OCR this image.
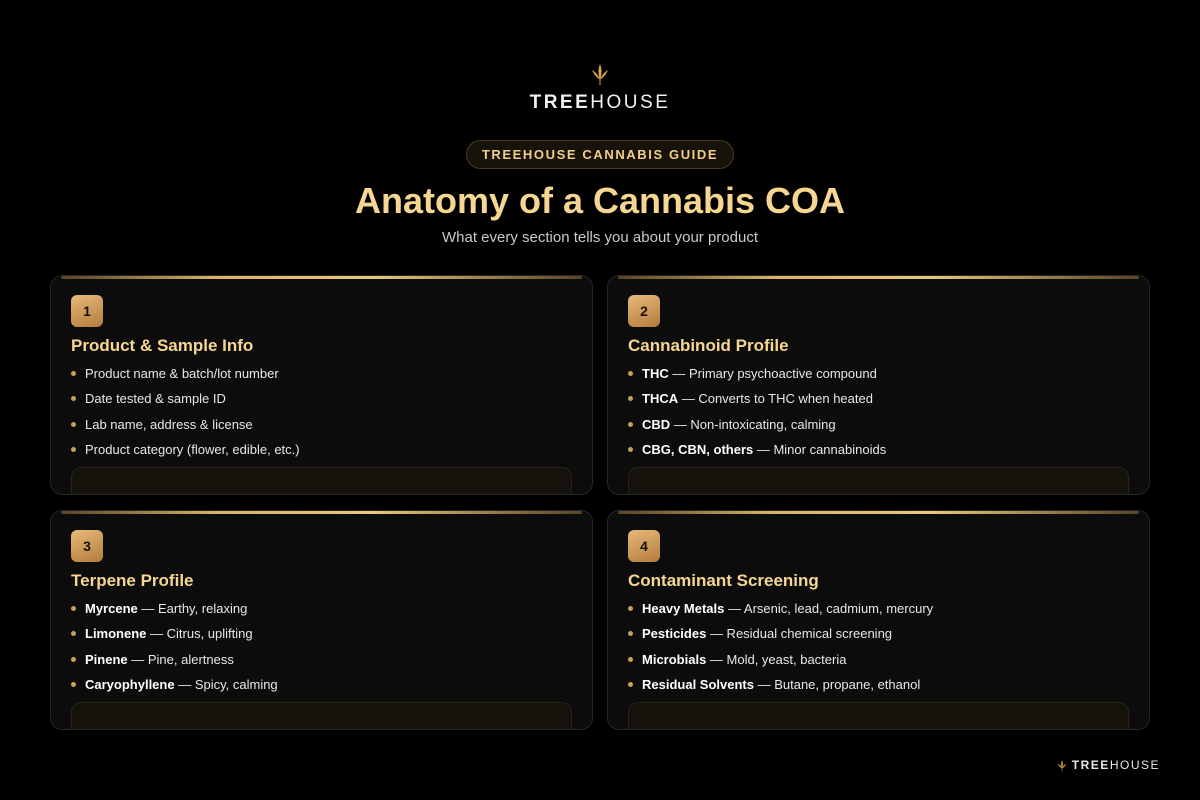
TREEHOUSE
TREEHOUSE CANNABIS GUIDE
Anatomy of a Cannabis COA
What every section tells you about your product
1
Product & Sample Info
Product name & batch/lot number
Date tested & sample ID
Lab name, address & license
Product category (flower, edible, etc.)
2
Cannabinoid Profile
THC — Primary psychoactive compound
THCA — Converts to THC when heated
CBD — Non-intoxicating, calming
CBG, CBN, others — Minor cannabinoids
3
Terpene Profile
Myrcene — Earthy, relaxing
Limonene — Citrus, uplifting
Pinene — Pine, alertness
Caryophyllene — Spicy, calming
4
Contaminant Screening
Heavy Metals — Arsenic, lead, cadmium, mercury
Pesticides — Residual chemical screening
Microbials — Mold, yeast, bacteria
Residual Solvents — Butane, propane, ethanol
TREEHOUSE
